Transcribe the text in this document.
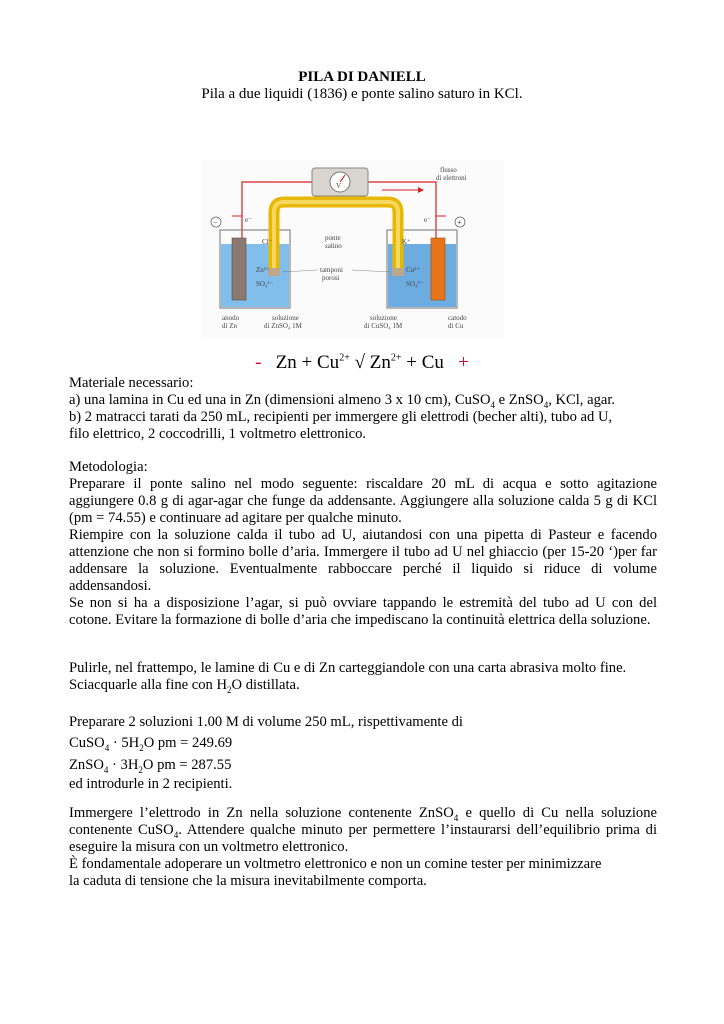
PILA DI DANIELL
Pila a due liquidi (1836) e ponte salino saturo in KCl.
V
−	+
e⁻	e⁻
flusso
di elettroni
ponte
salino
Cl⁻	K⁺
Zn²⁺
SO₄²⁻
Cu²⁺
SO₄²⁻
tamponi
porosi
anodo
di Zn
soluzione
di ZnSO₄ 1M
soluzione
di CuSO₄ 1M
catodo
di Cu
- $Zn + Cu^{2+}$ √ $Zn^{2+} + Cu$ +

Materiale necessario:

a) una lamina in Cu ed una in Zn (dimensioni almeno 3 x 10 cm), CuSO$_4$ e ZnSO$_4$, KCl, agar.

b) 2 matracci tarati da 250 mL, recipienti per immergere gli elettrodi (becher alti), tubo ad U,

filo elettrico, 2 coccodrilli, 1 voltmetro elettronico.

Metodologia:

Preparare il ponte salino nel modo seguente: riscaldare 20 mL di acqua e sotto agitazione aggiungere 0.8 g di agar-agar che funge da addensante. Aggiungere alla soluzione calda 5 g di KCl (pm = 74.55) e continuare ad agitare per qualche minuto.

Riempire con la soluzione calda il tubo ad U, aiutandosi con una pipetta di Pasteur e facendo attenzione che non si formino bolle d’aria. Immergere il tubo ad U nel ghiaccio (per 15-20 ‘)per far addensare la soluzione. Eventualmente rabboccare perché il liquido si riduce di volume addensandosi.

Se non si ha a disposizione l’agar, si può ovviare tappando le estremità del tubo ad U con del cotone. Evitare la formazione di bolle d’aria che impediscano la continuità elettrica della soluzione.

Pulirle, nel frattempo, le lamine di Cu e di Zn carteggiandole con una carta abrasiva molto fine.

Sciacquarle alla fine con $H_2O$ distillata.

Preparare 2 soluzioni 1.00 M di volume 250 mL, rispettivamente di

CuSO$_4$ · $5H_2O$ pm = 249.69

ZnSO$_4$ · $3H_2O$ pm = 287.55

ed introdurle in 2 recipienti.

Immergere l’elettrodo in Zn nella soluzione contenente ZnSO$_4$ e quello di Cu nella soluzione

contenente CuSO$_4$. Attendere qualche minuto per permettere l’instaurarsi dell’equilibrio prima di

eseguire la misura con un voltmetro elettronico.

È fondamentale adoperare un voltmetro elettronico e non un comine tester per minimizzare

la caduta di tensione che la misura inevitabilmente comporta.
